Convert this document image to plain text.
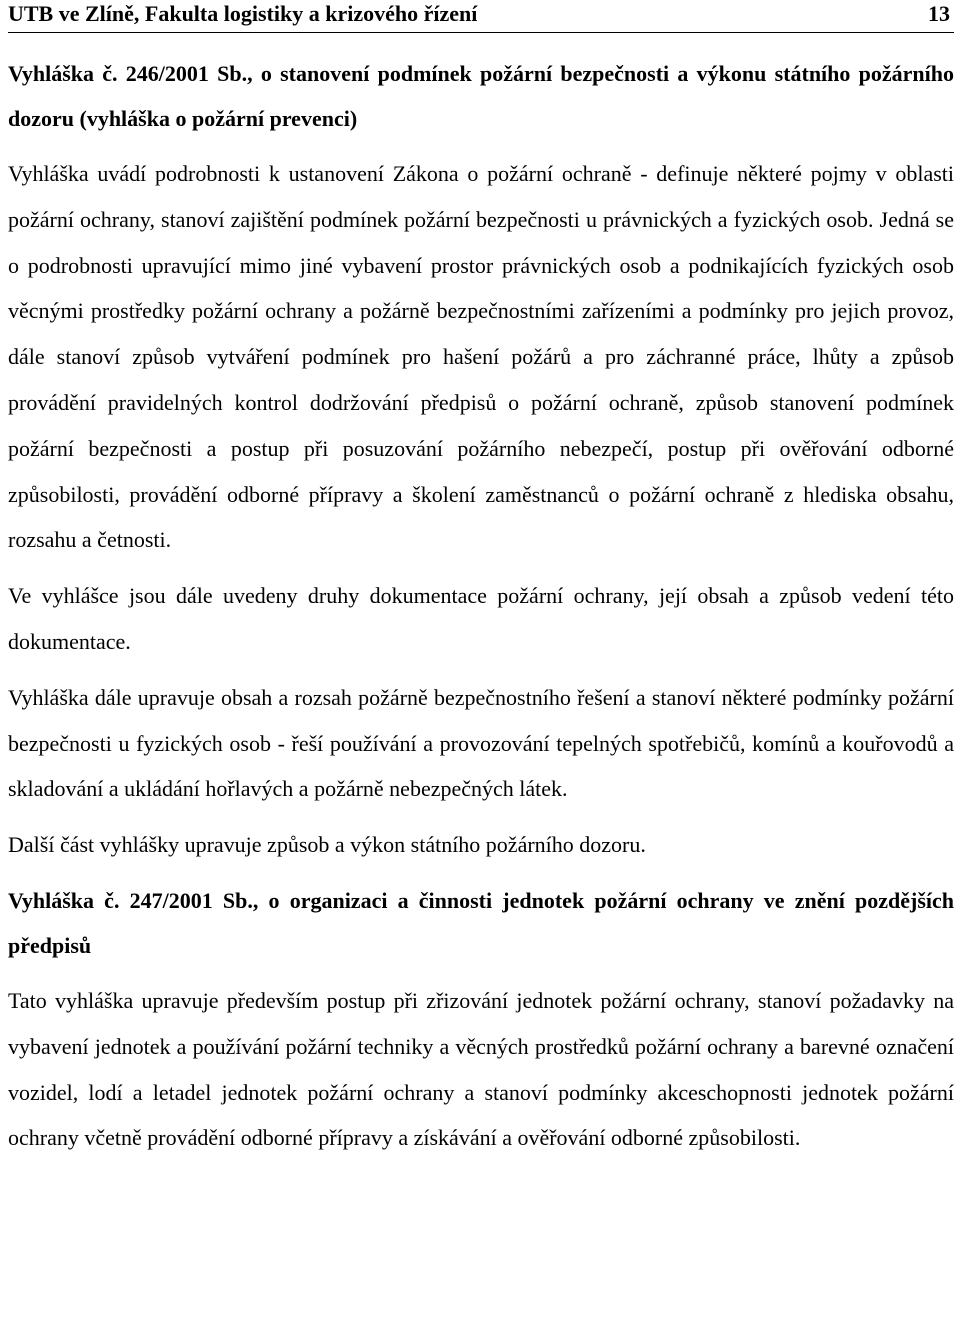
UTB ve Zlíně, Fakulta logistiky a krizového řízení	13

Vyhláška č. 246/2001 Sb., o stanovení podmínek požární bezpečnosti a výkonu státního požárního dozoru (vyhláška o požární prevenci)

Vyhláška uvádí podrobnosti k ustanovení Zákona o požární ochraně - definuje některé pojmy v oblasti požární ochrany, stanoví zajištění podmínek požární bezpečnosti u právnických a fyzických osob. Jedná se o podrobnosti upravující mimo jiné vybavení prostor právnických osob a podnikajících fyzických osob věcnými prostředky požární ochrany a požárně bezpečnostními zařízeními a podmínky pro jejich provoz, dále stanoví způsob vytváření podmínek pro hašení požárů a pro záchranné práce, lhůty a způsob provádění pravidelných kontrol dodržování předpisů o požární ochraně, způsob stanovení podmínek požární bezpečnosti a postup při posuzování požárního nebezpečí, postup při ověřování odborné způsobilosti, provádění odborné přípravy a školení zaměstnanců o požární ochraně z hlediska obsahu, rozsahu a četnosti.

Ve vyhlášce jsou dále uvedeny druhy dokumentace požární ochrany, její obsah a způsob vedení této dokumentace.

Vyhláška dále upravuje obsah a rozsah požárně bezpečnostního řešení a stanoví některé podmínky požární bezpečnosti u fyzických osob - řeší používání a provozování tepelných spotřebičů, komínů a kouřovodů a skladování a ukládání hořlavých a požárně nebezpečných látek.

Další část vyhlášky upravuje způsob a výkon státního požárního dozoru.

Vyhláška č. 247/2001 Sb., o organizaci a činnosti jednotek požární ochrany ve znění pozdějších předpisů

Tato vyhláška upravuje především postup při zřizování jednotek požární ochrany, stanoví požadavky na vybavení jednotek a používání požární techniky a věcných prostředků požární ochrany a barevné označení vozidel, lodí a letadel jednotek požární ochrany a stanoví podmínky akceschopnosti jednotek požární ochrany včetně provádění odborné přípravy a získávání a ověřování odborné způsobilosti.
